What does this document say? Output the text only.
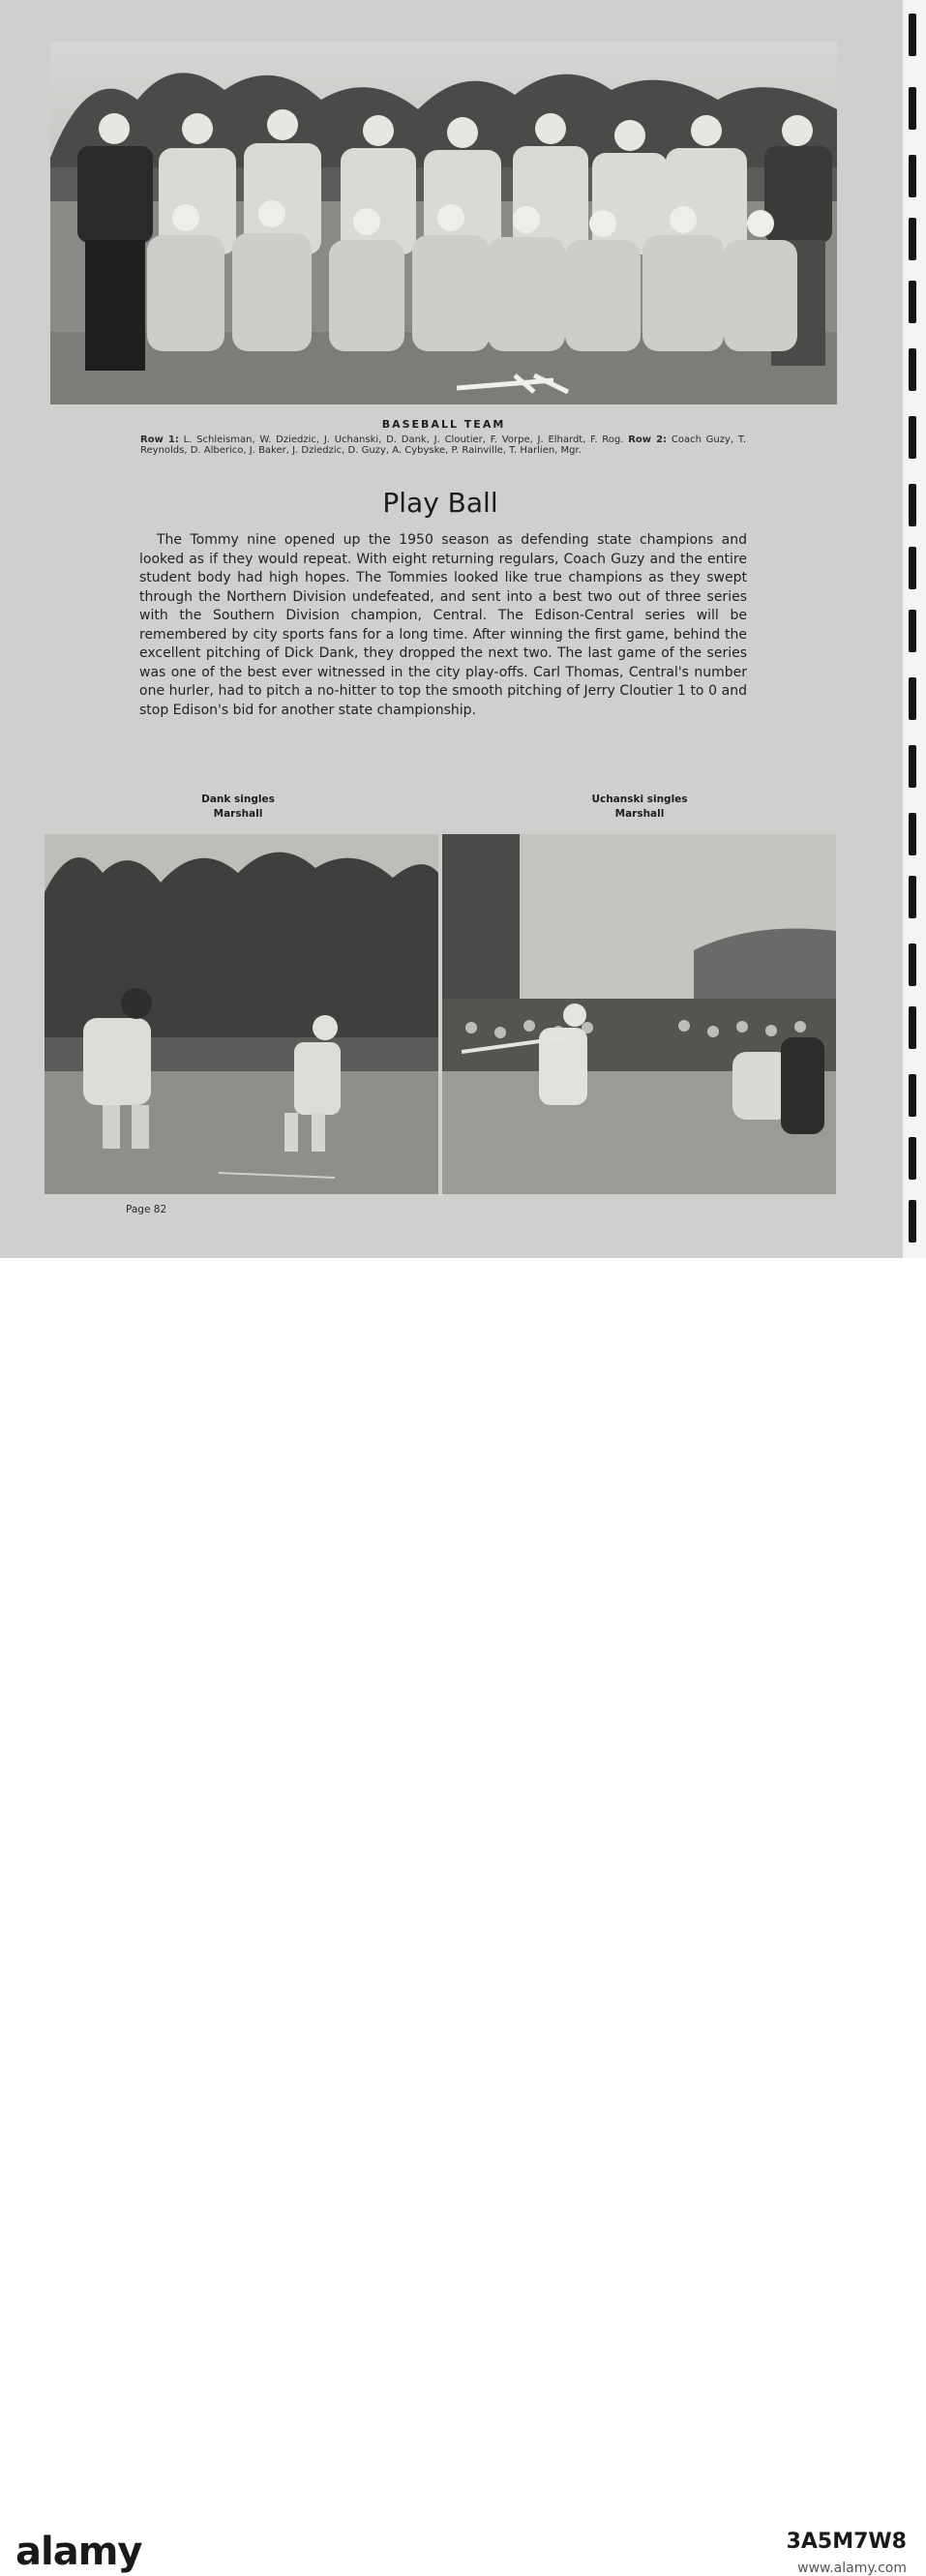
BASEBALL TEAM
Row 1: L. Schleisman, W. Dziedzic, J. Uchanski, D. Dank, J. Cloutier, F. Vorpe, J. Elhardt, F. Rog. Row 2: Coach Guzy, T. Reynolds, D. Alberico, J. Baker, J. Dziedzic, D. Guzy, A. Cybyske, P. Rainville, T. Harlien, Mgr.
Play Ball

The Tommy nine opened up the 1950 season as defending state champions and looked as if they would repeat. With eight returning regulars, Coach Guzy and the entire student body had high hopes. The Tommies looked like true champions as they swept through the Northern Division undefeated, and sent into a best two out of three series with the Southern Division champion, Central. The Edison-Central series will be remembered by city sports fans for a long time. After winning the first game, behind the excellent pitching of Dick Dank, they dropped the next two. The last game of the series was one of the best ever witnessed in the city play-offs. Carl Thomas, Central's number one hurler, had to pitch a no-hitter to top the smooth pitching of Jerry Cloutier 1 to 0 and stop Edison's bid for another state championship.

Dank singles
Marshall
Uchanski singles
Marshall
Page 82
alamy	3A5M7W8
www.alamy.com
